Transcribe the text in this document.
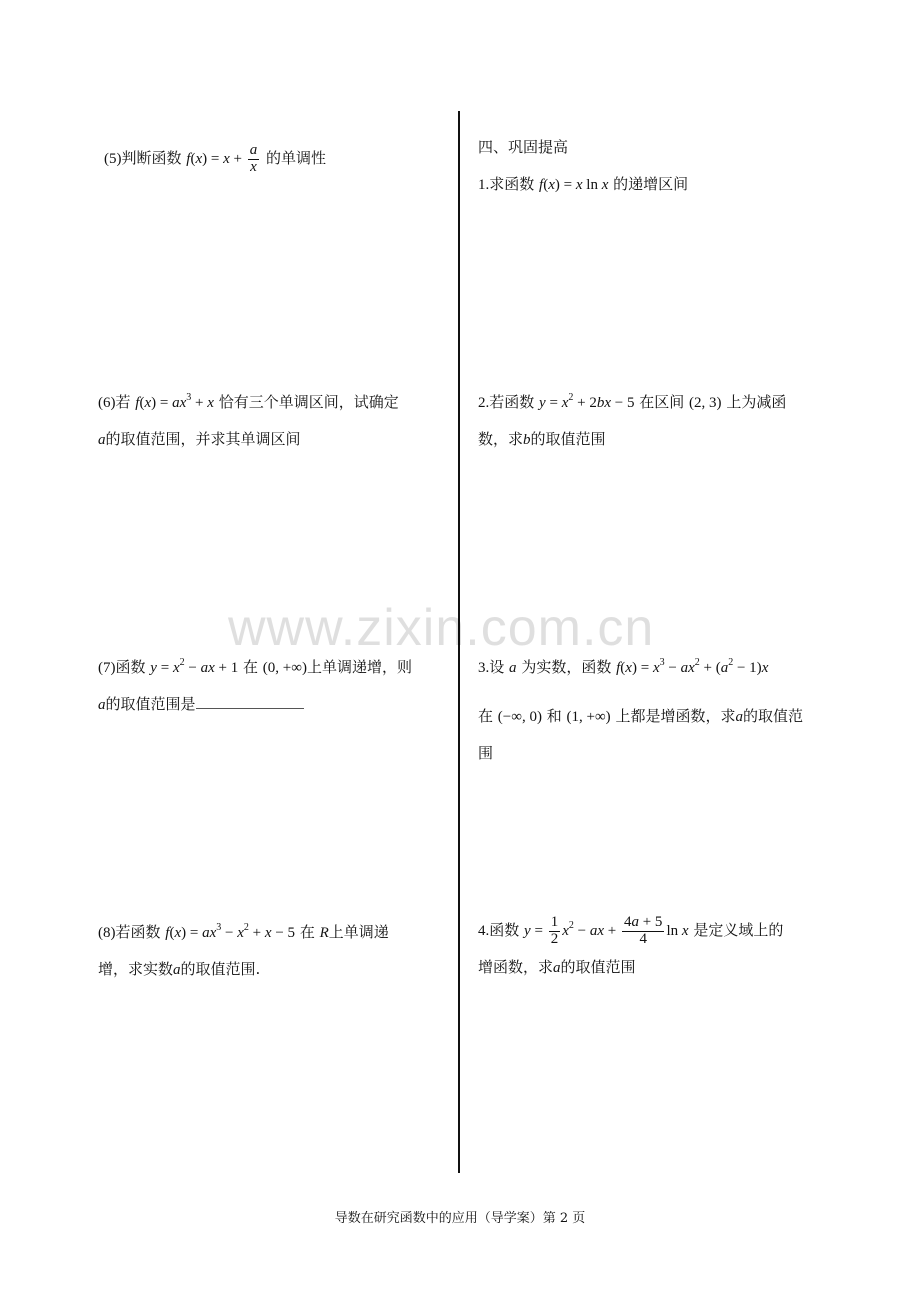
(5)判断函数 $f(x) = x + \frac{a}{x}$ 的单调性
(6)若 $f(x) = ax^3 + x$ 恰有三个单调区间，试确定
a的取值范围，并求其单调区间
(7)函数 $y = x^2$ − ax + 1 在 (0, +∞)上单调递增，则
a的取值范围是
(8)若函数 $f(x) = ax^3 - x^2 + x - 5$ 在 R上单调递
增，求实数a的取值范围.
四、巩固提高
1.求函数 f(x) = x ln x 的递增区间
2.若函数 $y = x^2 + 2bx - 5$ 在区间 (2, 3) 上为减函
数，求b的取值范围
3.设 a 为实数，函数 $f(x) = x^3 - ax^2 + (a^2 - 1)x$
在 (−∞, 0) 和 (1, +∞) 上都是增函数，求a的取值范
围
4.函数 $y = \frac{1}{2} x^2$ − ax + $\frac{4a + 5}{4}$ ln x 是定义域上的
增函数，求a的取值范围
www.zixin.com.cn
导数在研究函数中的应用（导学案）第 2 页
